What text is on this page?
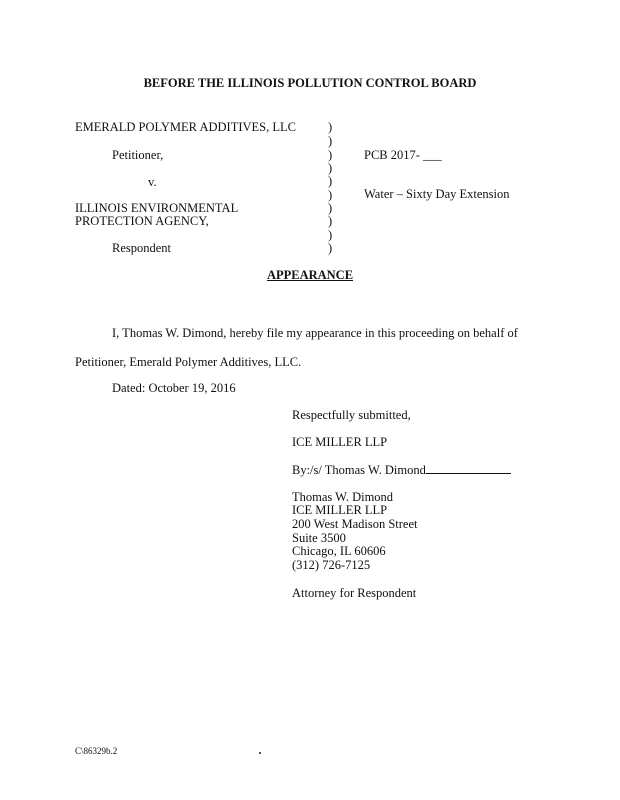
BEFORE THE ILLINOIS POLLUTION CONTROL BOARD
EMERALD POLYMER ADDITIVES, LLC
Petitioner,
v.
ILLINOIS ENVIRONMENTAL
PROTECTION AGENCY,
Respondent
)
)
)
)
)
)
)
)
)
)
PCB 2017- ___
Water – Sixty Day Extension
APPEARANCE
I, Thomas W. Dimond, hereby file my appearance in this proceeding on behalf of
Petitioner, Emerald Polymer Additives, LLC.
Dated: October 19, 2016
Respectfully submitted,
ICE MILLER LLP
By:/s/ Thomas W. Dimond
Thomas W. Dimond
ICE MILLER LLP
200 West Madison Street
Suite 3500
Chicago, IL 60606
(312) 726-7125
Attorney for Respondent
C\86329b.2
